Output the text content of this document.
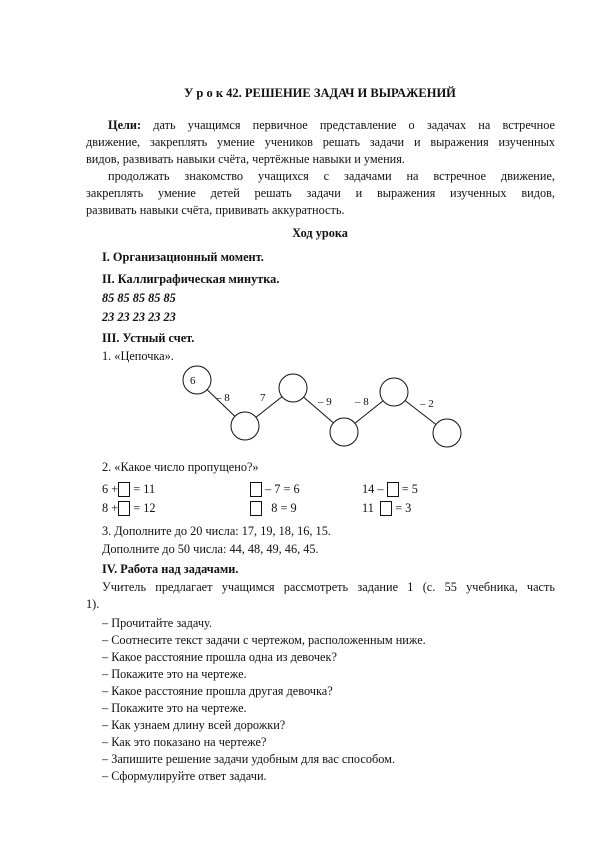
У р о к 42. РЕШЕНИЕ ЗАДАЧ И ВЫРАЖЕНИЙ
Цели: дать учащимся первичное представление о задачах на встречное
движение, закреплять умение учеников решать задачи и выражения изученных
видов, развивать навыки счёта, чертёжные навыки и умения.
продолжать знакомство учащихся с задачами на встречное движение,
закреплять умение детей решать задачи и выражения изученных видов,
развивать навыки счёта, прививать аккуратность.
Ход урока
I. Организационный момент.
II. Каллиграфическая минутка.
85 85 85 85 85
23 23 23 23 23
III. Устный счет.
1. «Цепочка».
6
– 8	7	– 9 – 8	– 2
2. «Какое число пропущено?»
6 + = 11	– 7 = 6	14 – = 5
8 + = 12	8 = 9	11 = 3
3. Дополните до 20 числа: 17, 19, 18, 16, 15.
Дополните до 50 числа: 44, 48, 49, 46, 45.
IV. Работа над задачами.
Учитель предлагает учащимся рассмотреть задание 1 (с. 55 учебника, часть
1).
– Прочитайте задачу.
– Соотнесите текст задачи с чертежом, расположенным ниже.
– Какое расстояние прошла одна из девочек?
– Покажите это на чертеже.
– Какое расстояние прошла другая девочка?
– Покажите это на чертеже.
– Как узнаем длину всей дорожки?
– Как это показано на чертеже?
– Запишите решение задачи удобным для вас способом.
– Сформулируйте ответ задачи.
